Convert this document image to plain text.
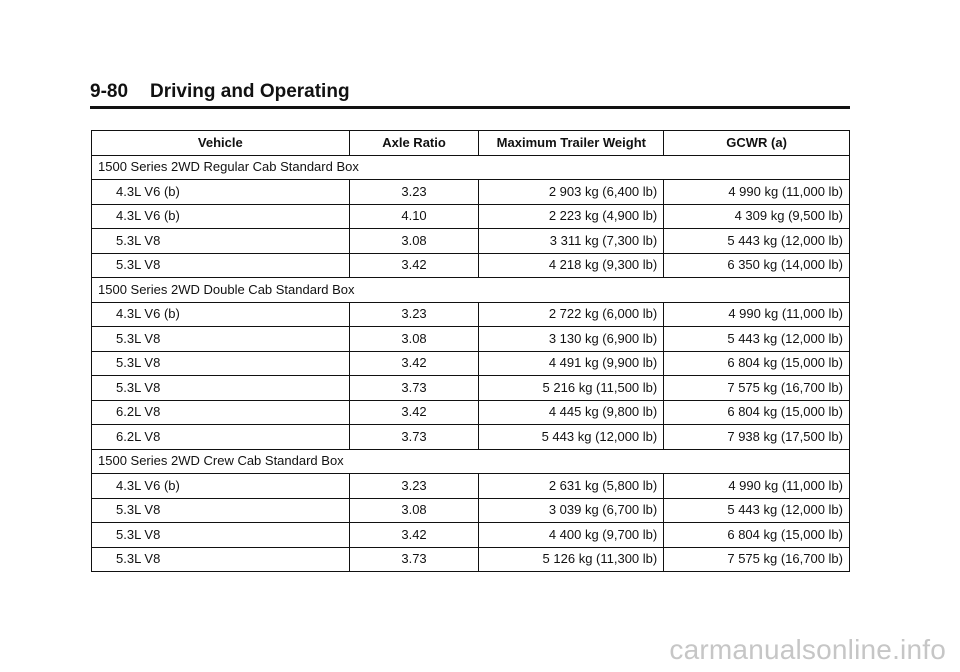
9-80 Driving and Operating
Vehicle	Axle Ratio	Maximum Trailer Weight	GCWR (a)
1500 Series 2WD Regular Cab Standard Box			
4.3L V6 (b)	3.23	2 903 kg (6,400 lb)	4 990 kg (11,000 lb)
4.3L V6 (b)	4.10	2 223 kg (4,900 lb)	4 309 kg (9,500 lb)
5.3L V8	3.08	3 311 kg (7,300 lb)	5 443 kg (12,000 lb)
5.3L V8	3.42	4 218 kg (9,300 lb)	6 350 kg (14,000 lb)
1500 Series 2WD Double Cab Standard Box			
4.3L V6 (b)	3.23	2 722 kg (6,000 lb)	4 990 kg (11,000 lb)
5.3L V8	3.08	3 130 kg (6,900 lb)	5 443 kg (12,000 lb)
5.3L V8	3.42	4 491 kg (9,900 lb)	6 804 kg (15,000 lb)
5.3L V8	3.73	5 216 kg (11,500 lb)	7 575 kg (16,700 lb)
6.2L V8	3.42	4 445 kg (9,800 lb)	6 804 kg (15,000 lb)
6.2L V8	3.73	5 443 kg (12,000 lb)	7 938 kg (17,500 lb)
1500 Series 2WD Crew Cab Standard Box			
4.3L V6 (b)	3.23	2 631 kg (5,800 lb)	4 990 kg (11,000 lb)
5.3L V8	3.08	3 039 kg (6,700 lb)	5 443 kg (12,000 lb)
5.3L V8	3.42	4 400 kg (9,700 lb)	6 804 kg (15,000 lb)
5.3L V8	3.73	5 126 kg (11,300 lb)	7 575 kg (16,700 lb)
carmanualsonline.info
